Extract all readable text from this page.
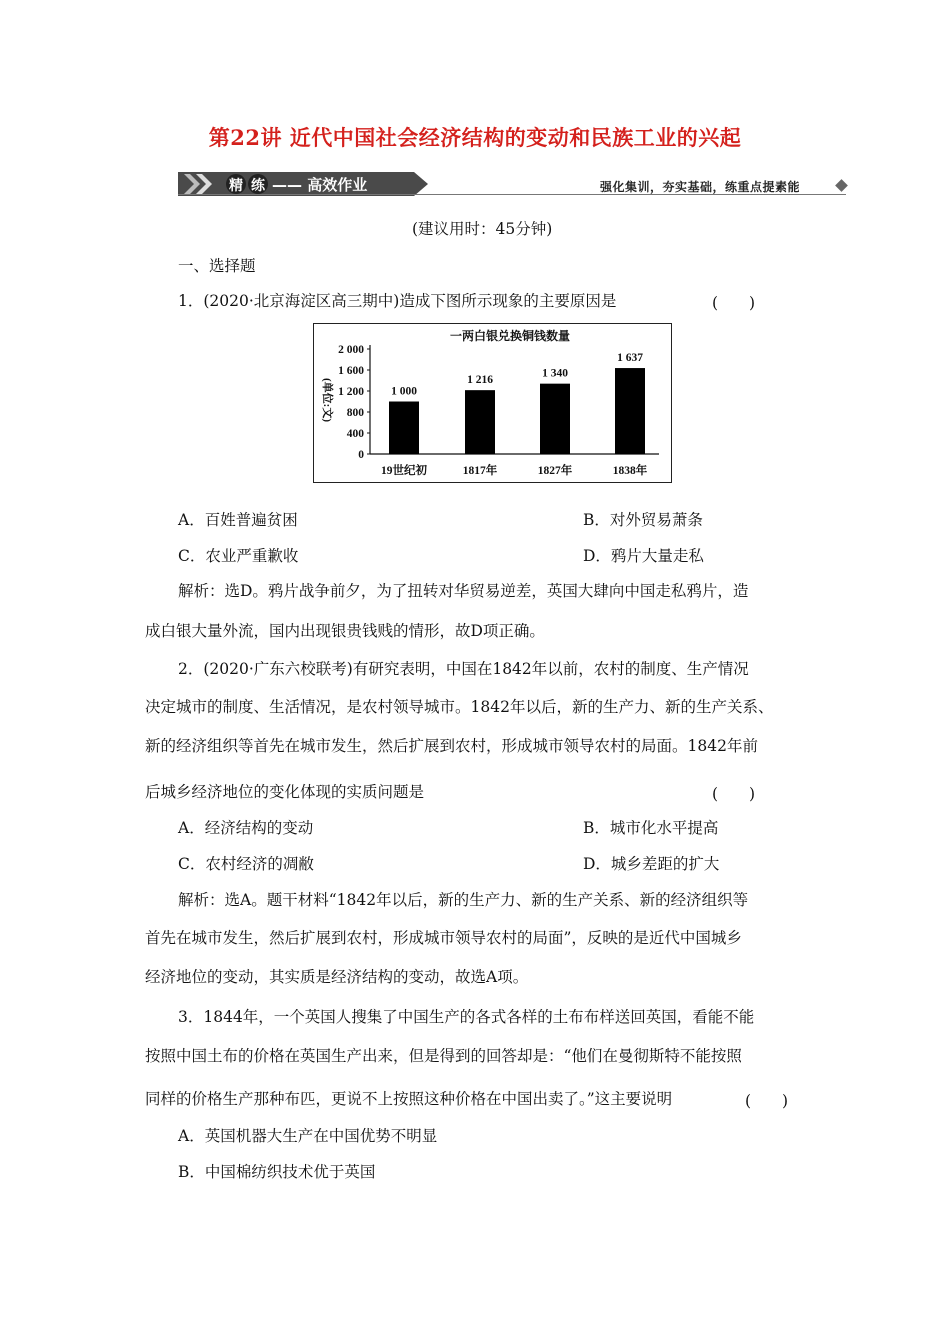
第22讲 近代中国社会经济结构的变动和民族工业的兴起
精 练 —— 高效作业	强化集训，夯实基础，练重点提素能
(建议用时：45分钟)
一、选择题
1．(2020·北京海淀区高三期中)造成下图所示现象的主要原因是	(　　)
一两白银兑换铜钱数量
2 000
1 600
1 200
800
400
0
(单位:文)	1 000
19世纪初
1 216
1817年
1 340
1827年
1 637
1838年
A．百姓普遍贫困	B．对外贸易萧条
C．农业严重歉收	D．鸦片大量走私
解析：选D。鸦片战争前夕，为了扭转对华贸易逆差，英国大肆向中国走私鸦片，造
成白银大量外流，国内出现银贵钱贱的情形，故D项正确。
2．(2020·广东六校联考)有研究表明，中国在1842年以前，农村的制度、生产情况
决定城市的制度、生活情况，是农村领导城市。1842年以后，新的生产力、新的生产关系、
新的经济组织等首先在城市发生，然后扩展到农村，形成城市领导农村的局面。1842年前
后城乡经济地位的变化体现的实质问题是	(　　)
A．经济结构的变动	B．城市化水平提高
C．农村经济的凋敝	D．城乡差距的扩大
解析：选A。题干材料“1842年以后，新的生产力、新的生产关系、新的经济组织等
首先在城市发生，然后扩展到农村，形成城市领导农村的局面”，反映的是近代中国城乡
经济地位的变动，其实质是经济结构的变动，故选A项。
3．1844年，一个英国人搜集了中国生产的各式各样的土布布样送回英国，看能不能
按照中国土布的价格在英国生产出来，但是得到的回答却是：“他们在曼彻斯特不能按照
同样的价格生产那种布匹，更说不上按照这种价格在中国出卖了。”这主要说明	(　　)
A．英国机器大生产在中国优势不明显
B．中国棉纺织技术优于英国
